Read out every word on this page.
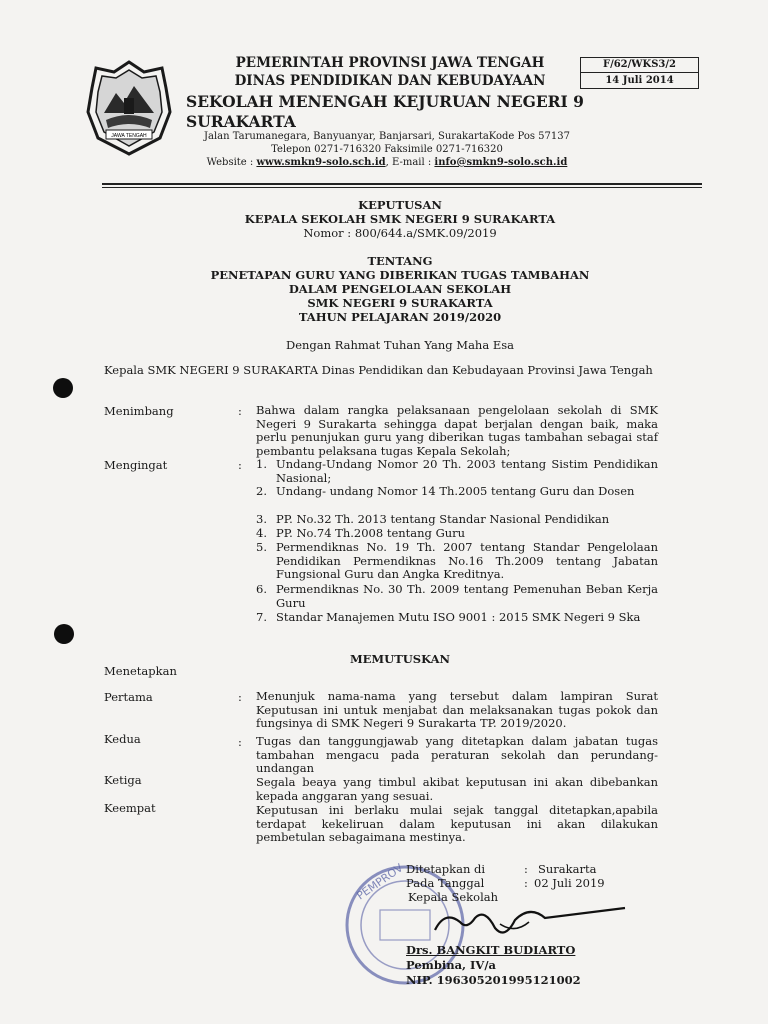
JAWA TENGAH
PEMERINTAH PROVINSI JAWA TENGAH
DINAS PENDIDIKAN DAN KEBUDAYAAN
SEKOLAH MENENGAH KEJURUAN NEGERI 9
SURAKARTA
Jalan Tarumanegara, Banyuanyar, Banjarsari, SurakartaKode Pos 57137
Telepon 0271-716320 Faksimile 0271-716320
Website : www.smkn9-solo.sch.id, E-mail : info@smkn9-solo.sch.id
F/62/WKS3/2
14 Juli 2014
KEPUTUSAN
KEPALA SEKOLAH SMK NEGERI 9 SURAKARTA
Nomor : 800/644.a/SMK.09/2019
TENTANG
PENETAPAN GURU YANG DIBERIKAN TUGAS TAMBAHAN
DALAM PENGELOLAAN SEKOLAH
SMK NEGERI 9 SURAKARTA
TAHUN PELAJARAN 2019/2020
Dengan Rahmat Tuhan Yang Maha Esa
Kepala SMK NEGERI 9 SURAKARTA Dinas Pendidikan dan Kebudayaan Provinsi Jawa Tengah
Menimbang	: Bahwa dalam rangka pelaksanaan pengelolaan sekolah di SMK Negeri 9 Surakarta sehingga dapat berjalan dengan baik, maka perlu penunjukan guru yang diberikan tugas tambahan sebagai staf pembantu pelaksana tugas Kepala Sekolah;
Mengingat	: 1. Undang-Undang Nomor 20 Th. 2003 tentang Sistim Pendidikan Nasional;
2. Undang- undang Nomor 14 Th.2005 tentang Guru dan Dosen
3. PP. No.32 Th. 2013 tentang Standar Nasional Pendidikan
4. PP. No.74 Th.2008 tentang Guru
5. Permendiknas No. 19 Th. 2007 tentang Standar Pengelolaan Pendidikan Permendiknas No.16 Th.2009 tentang Jabatan Fungsional Guru dan Angka Kreditnya.
6. Permendiknas No. 30 Th. 2009 tentang Pemenuhan Beban Kerja Guru
7. Standar Manajemen Mutu ISO 9001 : 2015 SMK Negeri 9 Ska
MEMUTUSKAN
Menetapkan
Pertama	: Menunjuk nama-nama yang tersebut dalam lampiran Surat Keputusan ini untuk menjabat dan melaksanakan tugas pokok dan fungsinya di SMK Negeri 9 Surakarta TP. 2019/2020.
Kedua	: Tugas dan tanggungjawab yang ditetapkan dalam jabatan tugas tambahan mengacu pada peraturan sekolah dan perundang-undangan
Ketiga	Segala beaya yang timbul akibat keputusan ini akan dibebankan kepada anggaran yang sesuai.
Keempat	Keputusan ini berlaku mulai sejak tanggal ditetapkan,apabila terdapat kekeliruan dalam keputusan ini akan dilakukan pembetulan sebagaimana mestinya.
PEMPROV Ditetapkan di	: Surakarta
Pada Tanggal	: 02 Juli 2019
Kepala Sekolah
Drs. BANGKIT BUDIARTO
Pembina, IV/a
NIP. 196305201995121002
